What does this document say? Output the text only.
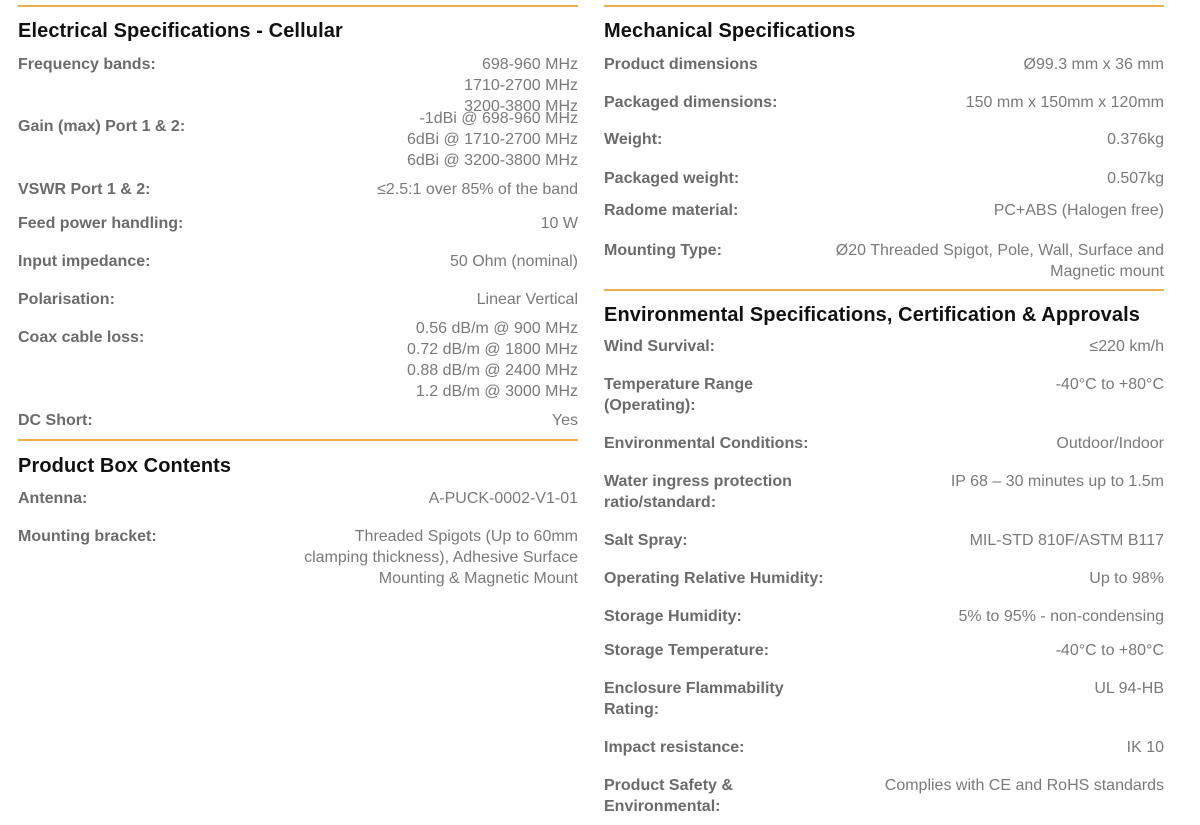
Electrical Specifications - Cellular
Frequency bands:	698-960 MHz
1710-2700 MHz
3200-3800 MHz
Gain (max) Port 1 & 2:	-1dBi @ 698-960 MHz
6dBi @ 1710-2700 MHz
6dBi @ 3200-3800 MHz
VSWR Port 1 & 2:	≤2.5:1 over 85% of the band
Feed power handling:	10 W
Input impedance:	50 Ohm (nominal)
Polarisation:	Linear Vertical
Coax cable loss:
0.56 dB/m @ 900 MHz
0.72 dB/m @ 1800 MHz
0.88 dB/m @ 2400 MHz
1.2 dB/m @ 3000 MHz
DC Short:	Yes
Product Box Contents
Antenna:	A-PUCK-0002-V1-01
Mounting bracket:	Threaded Spigots (Up to 60mm
clamping thickness), Adhesive Surface
Mounting & Magnetic Mount
Mechanical Specifications
Product dimensions	Ø99.3 mm x 36 mm
Packaged dimensions:	150 mm x 150mm x 120mm
Weight:	0.376kg
Packaged weight:	0.507kg
Radome material:	PC+ABS (Halogen free)
Mounting Type:	Ø20 Threaded Spigot, Pole, Wall, Surface and
Magnetic mount
Environmental Specifications, Certification & Approvals
Wind Survival:	≤220 km/h
Temperature Range
(Operating):
-40°C to +80°C
Environmental Conditions:	Outdoor/Indoor
Water ingress protection
ratio/standard:
IP 68 – 30 minutes up to 1.5m
Salt Spray:	MIL-STD 810F/ASTM B117
Operating Relative Humidity:	Up to 98%
Storage Humidity:	5% to 95% - non-condensing
Storage Temperature:	-40°C to +80°C
Enclosure Flammability
Rating:
UL 94-HB
Impact resistance:	IK 10
Product Safety &
Environmental:
Complies with CE and RoHS standards
